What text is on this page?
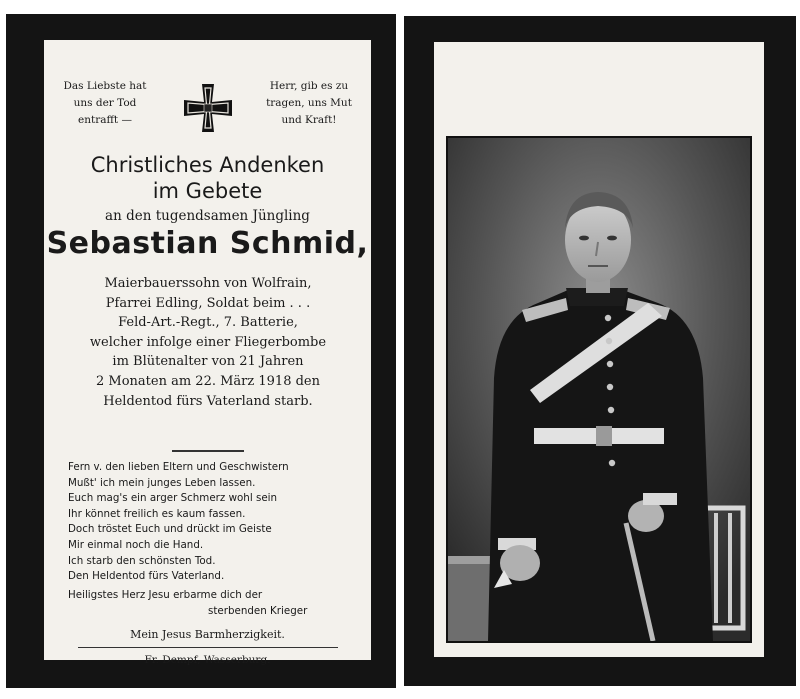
Das Liebste hat
uns der Tod
entrafft —
Herr, gib es zu
tragen, uns Mut
und Kraft!
Christliches Andenken
im Gebete
an den tugendsamen Jüngling
Sebastian Schmid,
Maierbauerssohn von Wolfrain,
Pfarrei Edling, Soldat beim . . .
Feld-Art.-Regt., 7. Batterie,
welcher infolge einer Fliegerbombe
im Blütenalter von 21 Jahren
2 Monaten am 22. März 1918 den
Heldentod fürs Vaterland starb.
Fern v. den lieben Eltern und Geschwistern
Mußt' ich mein junges Leben lassen.
Euch mag's ein arger Schmerz wohl sein
Ihr könnet freilich es kaum fassen.
Doch tröstet Euch und drückt im Geiste
Mir einmal noch die Hand.
Ich starb den schönsten Tod.
Den Heldentod fürs Vaterland.
Heiligstes Herz Jesu erbarme dich der
sterbenden Krieger
Mein Jesus Barmherzigkeit.
Fr. Dempf, Wasserburg.
